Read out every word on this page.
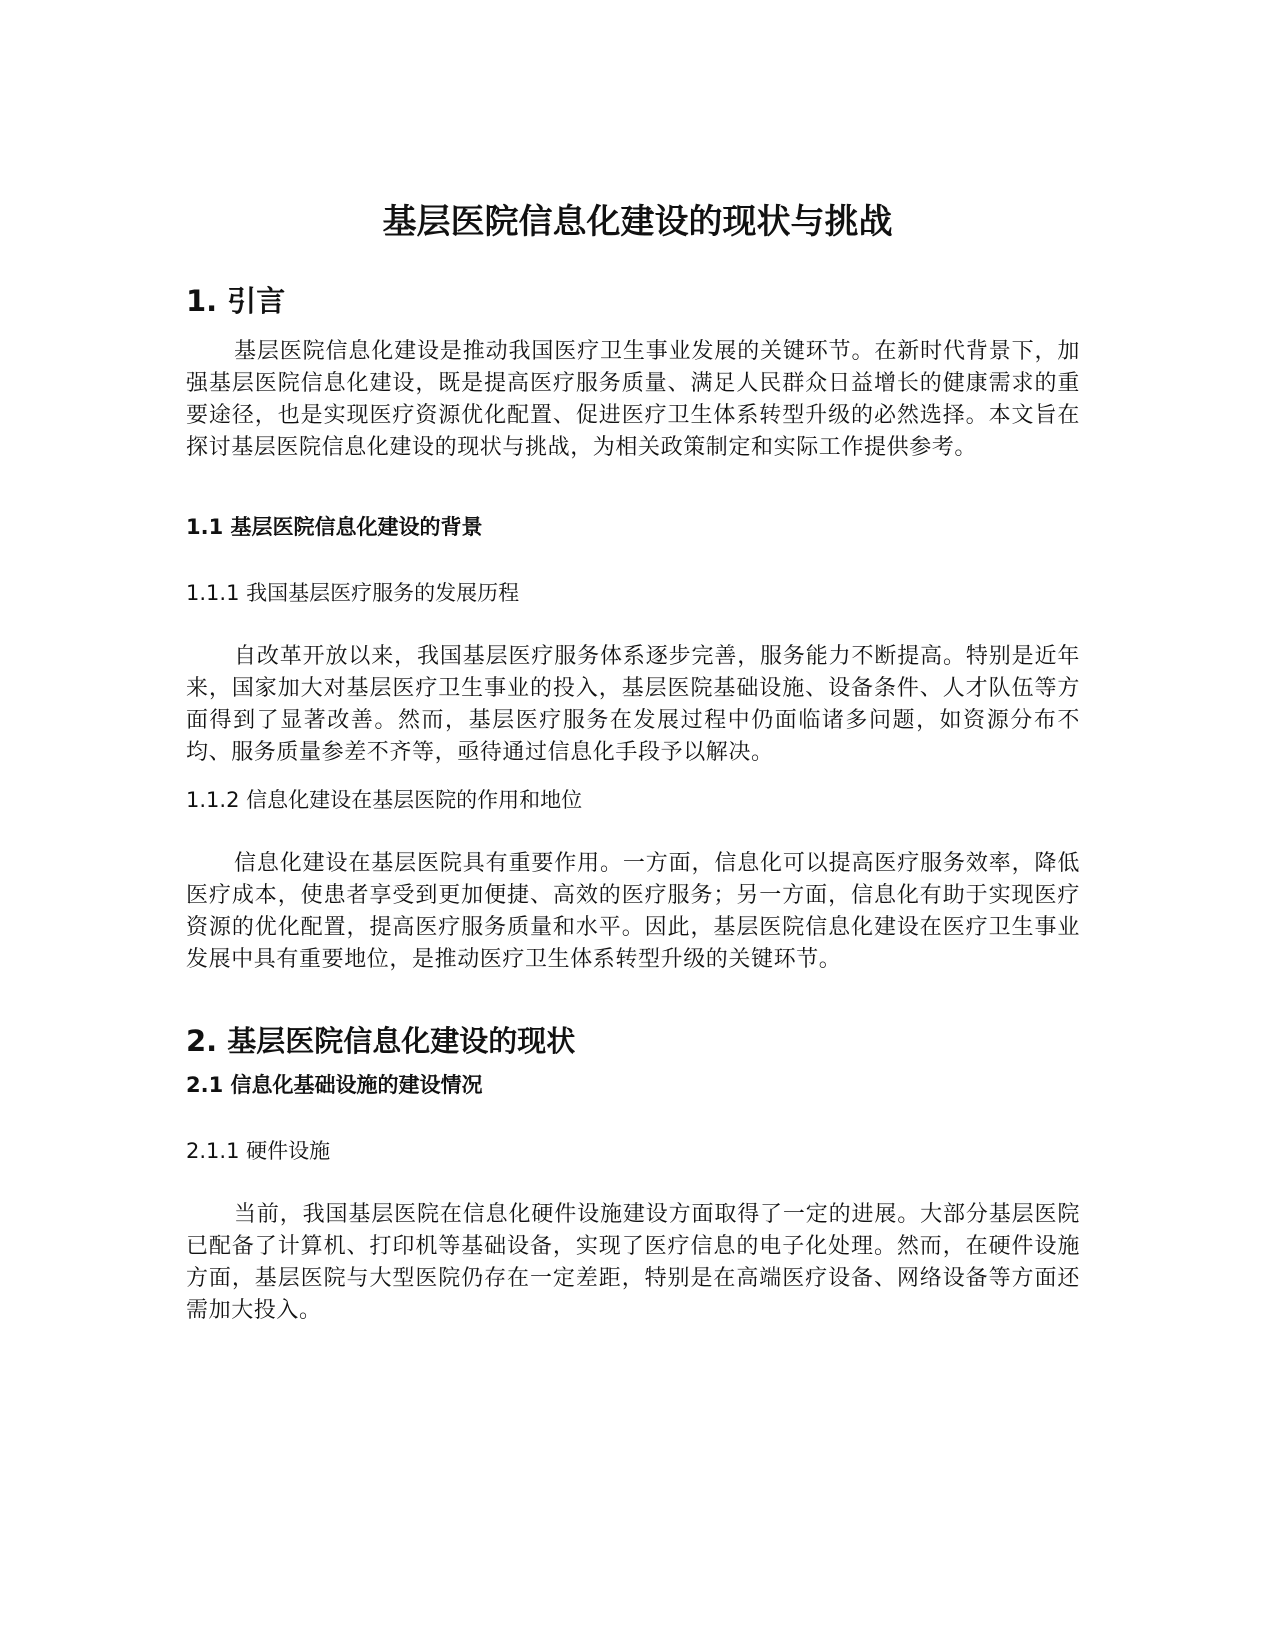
基层医院信息化建设的现状与挑战
1. 引言

基层医院信息化建设是推动我国医疗卫生事业发展的关键环节。在新时代背景下，加强基层医院信息化建设，既是提高医疗服务质量、满足人民群众日益增长的健康需求的重要途径，也是实现医疗资源优化配置、促进医疗卫生体系转型升级的必然选择。本文旨在探讨基层医院信息化建设的现状与挑战，为相关政策制定和实际工作提供参考。

1.1 基层医院信息化建设的背景
1.1.1 我国基层医疗服务的发展历程

自改革开放以来，我国基层医疗服务体系逐步完善，服务能力不断提高。特别是近年来，国家加大对基层医疗卫生事业的投入，基层医院基础设施、设备条件、人才队伍等方面得到了显著改善。然而，基层医疗服务在发展过程中仍面临诸多问题，如资源分布不均、服务质量参差不齐等，亟待通过信息化手段予以解决。

1.1.2 信息化建设在基层医院的作用和地位

信息化建设在基层医院具有重要作用。一方面，信息化可以提高医疗服务效率，降低医疗成本，使患者享受到更加便捷、高效的医疗服务；另一方面，信息化有助于实现医疗资源的优化配置，提高医疗服务质量和水平。因此，基层医院信息化建设在医疗卫生事业发展中具有重要地位，是推动医疗卫生体系转型升级的关键环节。

2. 基层医院信息化建设的现状
2.1 信息化基础设施的建设情况
2.1.1 硬件设施

当前，我国基层医院在信息化硬件设施建设方面取得了一定的进展。大部分基层医院已配备了计算机、打印机等基础设备，实现了医疗信息的电子化处理。然而，在硬件设施方面，基层医院与大型医院仍存在一定差距，特别是在高端医疗设备、网络设备等方面还需加大投入。
